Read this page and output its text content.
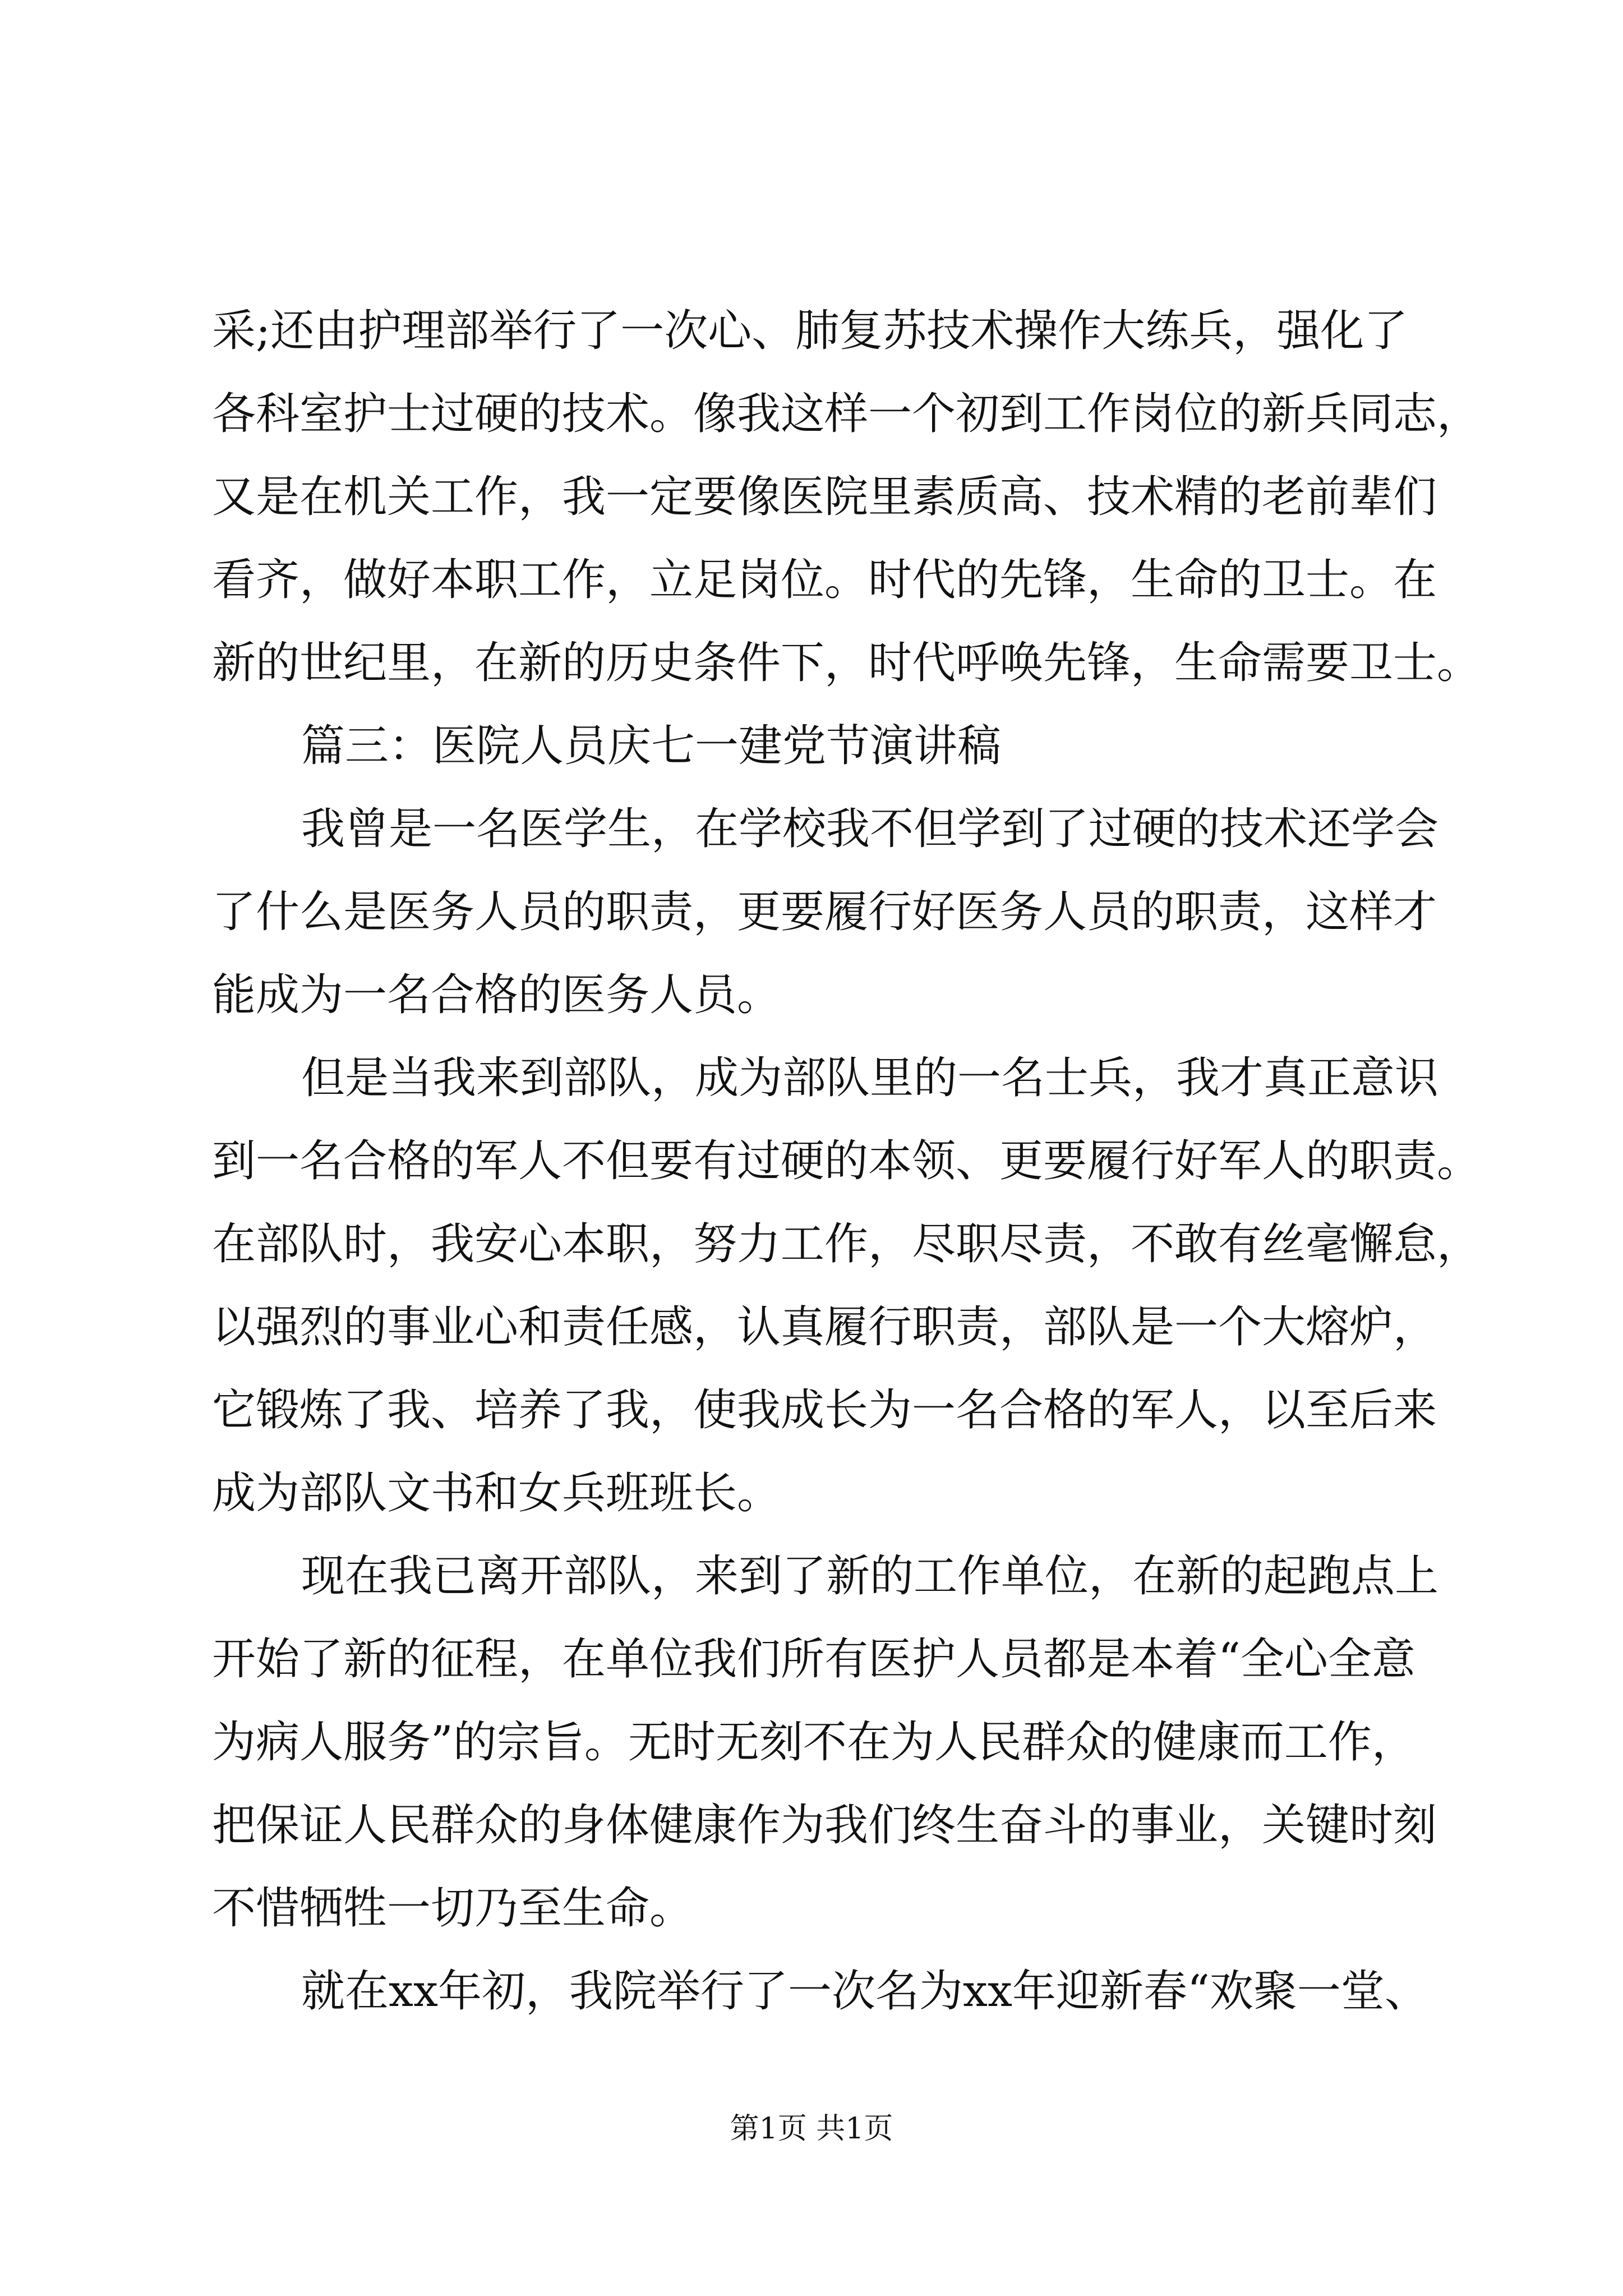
采;还由护理部举行了一次心、肺复苏技术操作大练兵，强化了
各科室护士过硬的技术。像我这样一个初到工作岗位的新兵同志，
又是在机关工作，我一定要像医院里素质高、技术精的老前辈们
看齐，做好本职工作，立足岗位。时代的先锋，生命的卫士。在
新的世纪里，在新的历史条件下，时代呼唤先锋，生命需要卫士。
篇三：医院人员庆七一建党节演讲稿
我曾是一名医学生，在学校我不但学到了过硬的技术还学会
了什么是医务人员的职责，更要履行好医务人员的职责，这样才
能成为一名合格的医务人员。
但是当我来到部队，成为部队里的一名士兵，我才真正意识
到一名合格的军人不但要有过硬的本领、更要履行好军人的职责。
在部队时，我安心本职，努力工作，尽职尽责，不敢有丝毫懈怠，
以强烈的事业心和责任感，认真履行职责，部队是一个大熔炉，
它锻炼了我、培养了我，使我成长为一名合格的军人，以至后来
成为部队文书和女兵班班长。
现在我已离开部队，来到了新的工作单位，在新的起跑点上
开始了新的征程，在单位我们所有医护人员都是本着“全心全意
为病人服务”的宗旨。无时无刻不在为人民群众的健康而工作，
把保证人民群众的身体健康作为我们终生奋斗的事业，关键时刻
不惜牺牲一切乃至生命。
就在xx年初，我院举行了一次名为xx年迎新春“欢聚一堂、
第1页 共1页
